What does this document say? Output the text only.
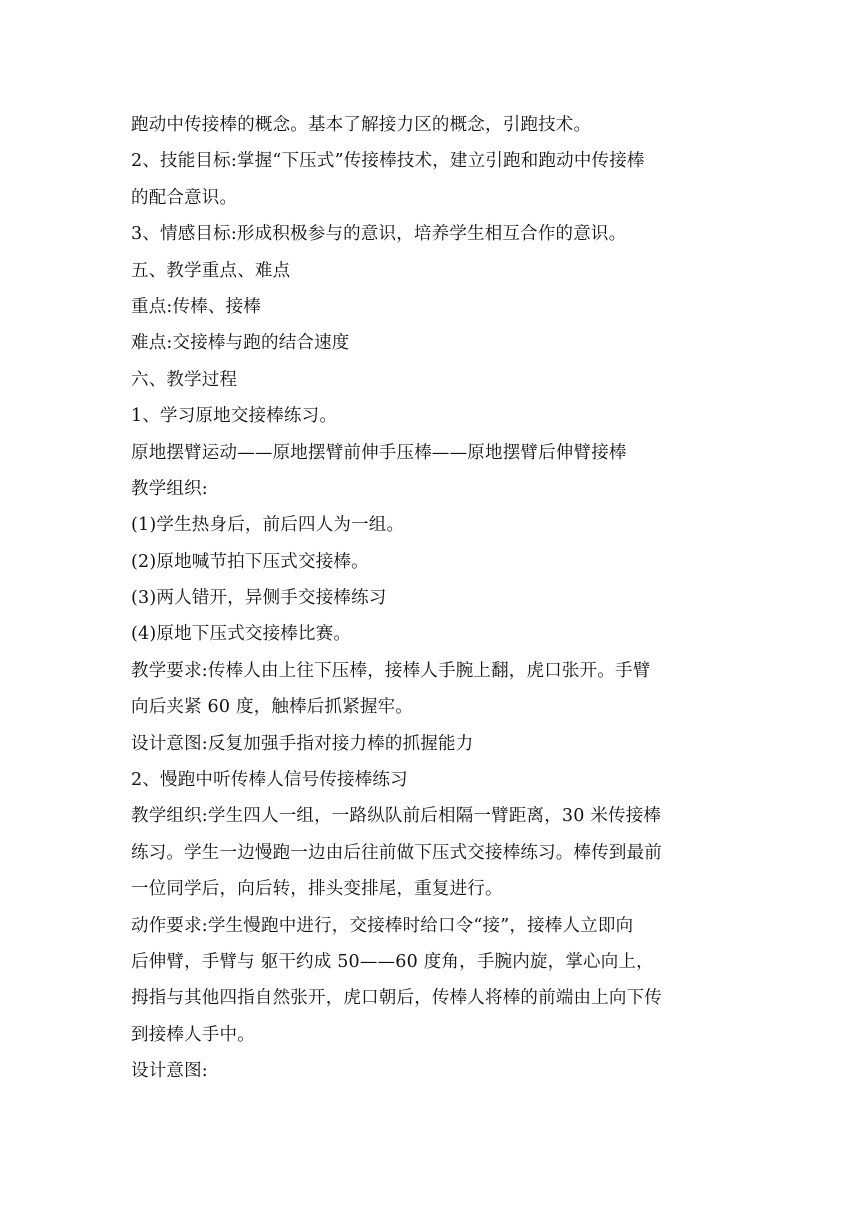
跑动中传接棒的概念。基本了解接力区的概念，引跑技术。
2、技能目标:掌握“下压式”传接棒技术，建立引跑和跑动中传接棒
的配合意识。
3、情感目标:形成积极参与的意识，培养学生相互合作的意识。
五、教学重点、难点
重点:传棒、接棒
难点:交接棒与跑的结合速度
六、教学过程
1、学习原地交接棒练习。
原地摆臂运动——原地摆臂前伸手压棒——原地摆臂后伸臂接棒
教学组织:
(1)学生热身后，前后四人为一组。
(2)原地喊节拍下压式交接棒。
(3)两人错开，异侧手交接棒练习
(4)原地下压式交接棒比赛。
教学要求:传棒人由上往下压棒，接棒人手腕上翻，虎口张开。手臂
向后夹紧 60 度，触棒后抓紧握牢。
设计意图:反复加强手指对接力棒的抓握能力
2、慢跑中听传棒人信号传接棒练习
教学组织:学生四人一组，一路纵队前后相隔一臂距离，30 米传接棒
练习。学生一边慢跑一边由后往前做下压式交接棒练习。棒传到最前
一位同学后，向后转，排头变排尾，重复进行。
动作要求:学生慢跑中进行，交接棒时给口令“接”，接棒人立即向
后伸臂，手臂与 躯干约成 50——60 度角，手腕内旋，掌心向上，
拇指与其他四指自然张开，虎口朝后，传棒人将棒的前端由上向下传
到接棒人手中。
设计意图:
